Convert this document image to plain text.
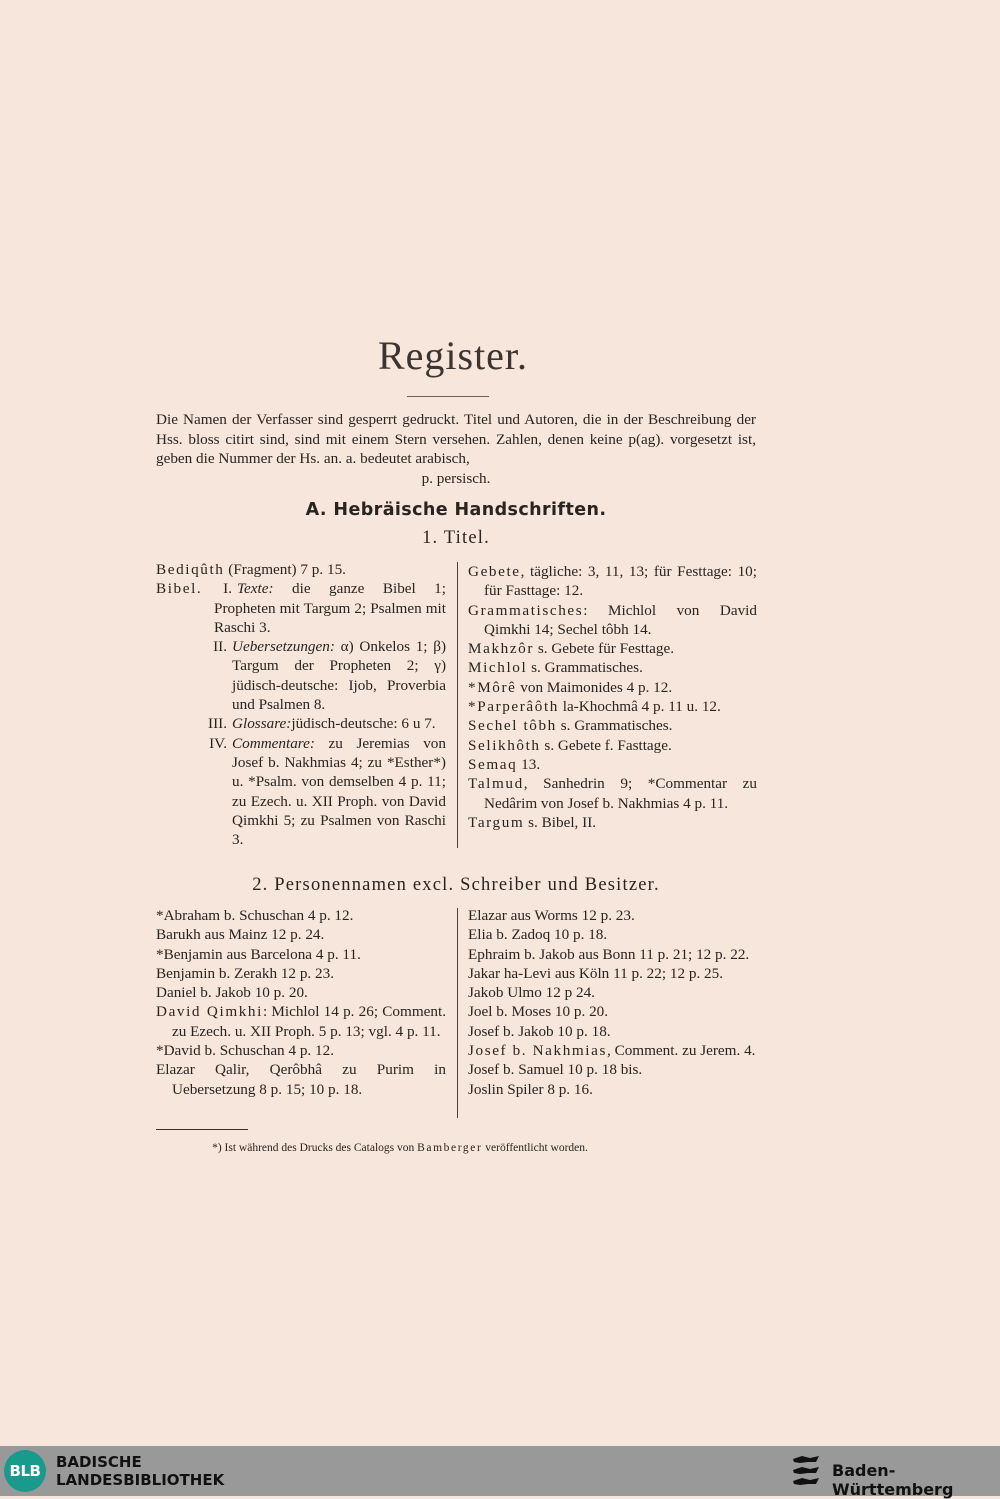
Register.

Die Namen der Verfasser sind gesperrt gedruckt. Titel und Autoren, die in der Beschreibung der Hss. bloss citirt sind, sind mit einem Stern versehen. Zahlen, denen keine p(ag). vorgesetzt ist, geben die Nummer der Hs. an. a. bedeutet arabisch,
p. persisch.

A. Hebräische Handschriften.
1. Titel.

Bediqûth (Fragment) 7 p. 15.

Bibel.	I. Texte: die ganze Bibel 1; Propheten mit Targum 2; Psalmen mit Raschi 3.
II. Uebersetzungen: α) Onkelos 1; β) Targum der Propheten 2; γ) jüdisch-deutsche: Ijob, Proverbia und Psalmen 8.
III. Glossare:jüdisch-deutsche: 6 u 7.
IV. Commentare: zu Jeremias von Josef b. Nakhmias 4; zu *Esther*) u. *Psalm. von demselben 4 p. 11; zu Ezech. u. XII Proph. von David Qimkhi 5; zu Psalmen von Raschi 3.

Gebete, tägliche: 3, 11, 13; für Festtage: 10; für Fasttage: 12.

Grammatisches: Michlol von David Qimkhi 14; Sechel tôbh 14.

Makhzôr s. Gebete für Festtage.

Michlol s. Grammatisches.

*Môrê von Maimonides 4 p. 12.

*Parperâôth la-Khochmâ 4 p. 11 u. 12.

Sechel tôbh s. Grammatisches.

Selikhôth s. Gebete f. Fasttage.

Semaq 13.

Talmud, Sanhedrin 9; *Commentar zu Nedârim von Josef b. Nakhmias 4 p. 11.

Targum s. Bibel, II.

2. Personennamen excl. Schreiber und Besitzer.

*Abraham b. Schuschan 4 p. 12.

Barukh aus Mainz 12 p. 24.

*Benjamin aus Barcelona 4 p. 11.

Benjamin b. Zerakh 12 p. 23.

Daniel b. Jakob 10 p. 20.

David Qimkhi: Michlol 14 p. 26; Comment. zu Ezech. u. XII Proph. 5 p. 13; vgl. 4 p. 11.

*David b. Schuschan 4 p. 12.

Elazar Qalir, Qerôbhâ zu Purim in Uebersetzung 8 p. 15; 10 p. 18.

Elazar aus Worms 12 p. 23.

Elia b. Zadoq 10 p. 18.

Ephraim b. Jakob aus Bonn 11 p. 21; 12 p. 22.

Jakar ha-Levi aus Köln 11 p. 22; 12 p. 25.

Jakob Ulmo 12 p 24.

Joel b. Moses 10 p. 20.

Josef b. Jakob 10 p. 18.

Josef b. Nakhmias, Comment. zu Jerem. 4.

Josef b. Samuel 10 p. 18 bis.

Joslin Spiler 8 p. 16.

*) Ist während des Drucks des Catalogs von Bamberger veröffentlicht worden.

BLB	BADISCHE
LANDESBIBLIOTHEK	Baden-Württemberg
